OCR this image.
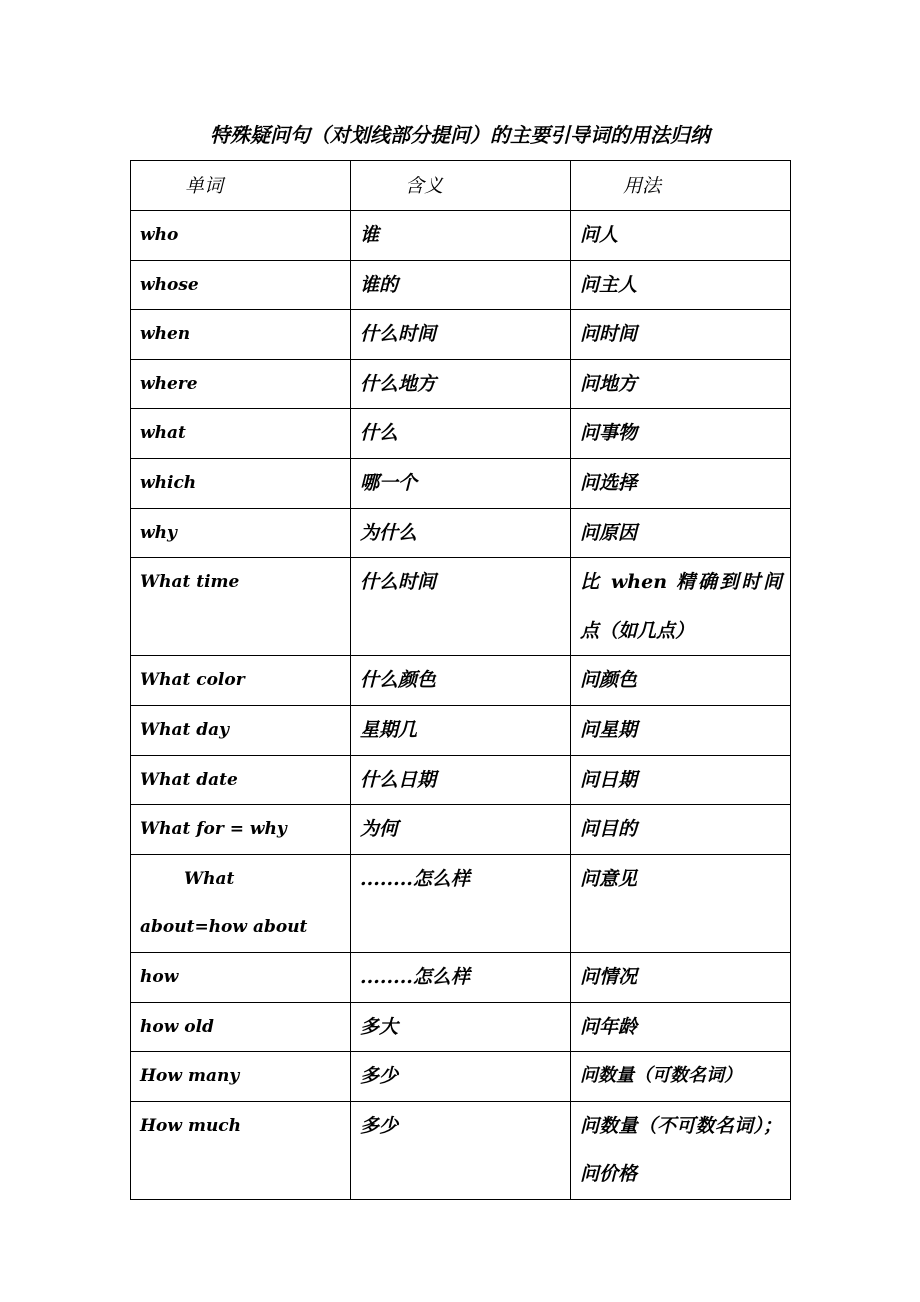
特殊疑问句（对划线部分提问）的主要引导词的用法归纳
单词	含义	用法
who	谁	问人
whose	谁的	问主人
when	什么时间	问时间
where	什么地方	问地方
what	什么	问事物
which	哪一个	问选择
why	为什么	问原因
What time	什么时间	比 when 精确到时间点（如几点）
What color	什么颜色	问颜色
What day	星期几	问星期
What date	什么日期	问日期
What for = why	为何	问目的
What about=how about	........怎么样	问意见
how	........怎么样	问情况
how old	多大	问年龄
How many	多少	问数量（可数名词）
How much	多少	问数量（不可数名词）；问价格
